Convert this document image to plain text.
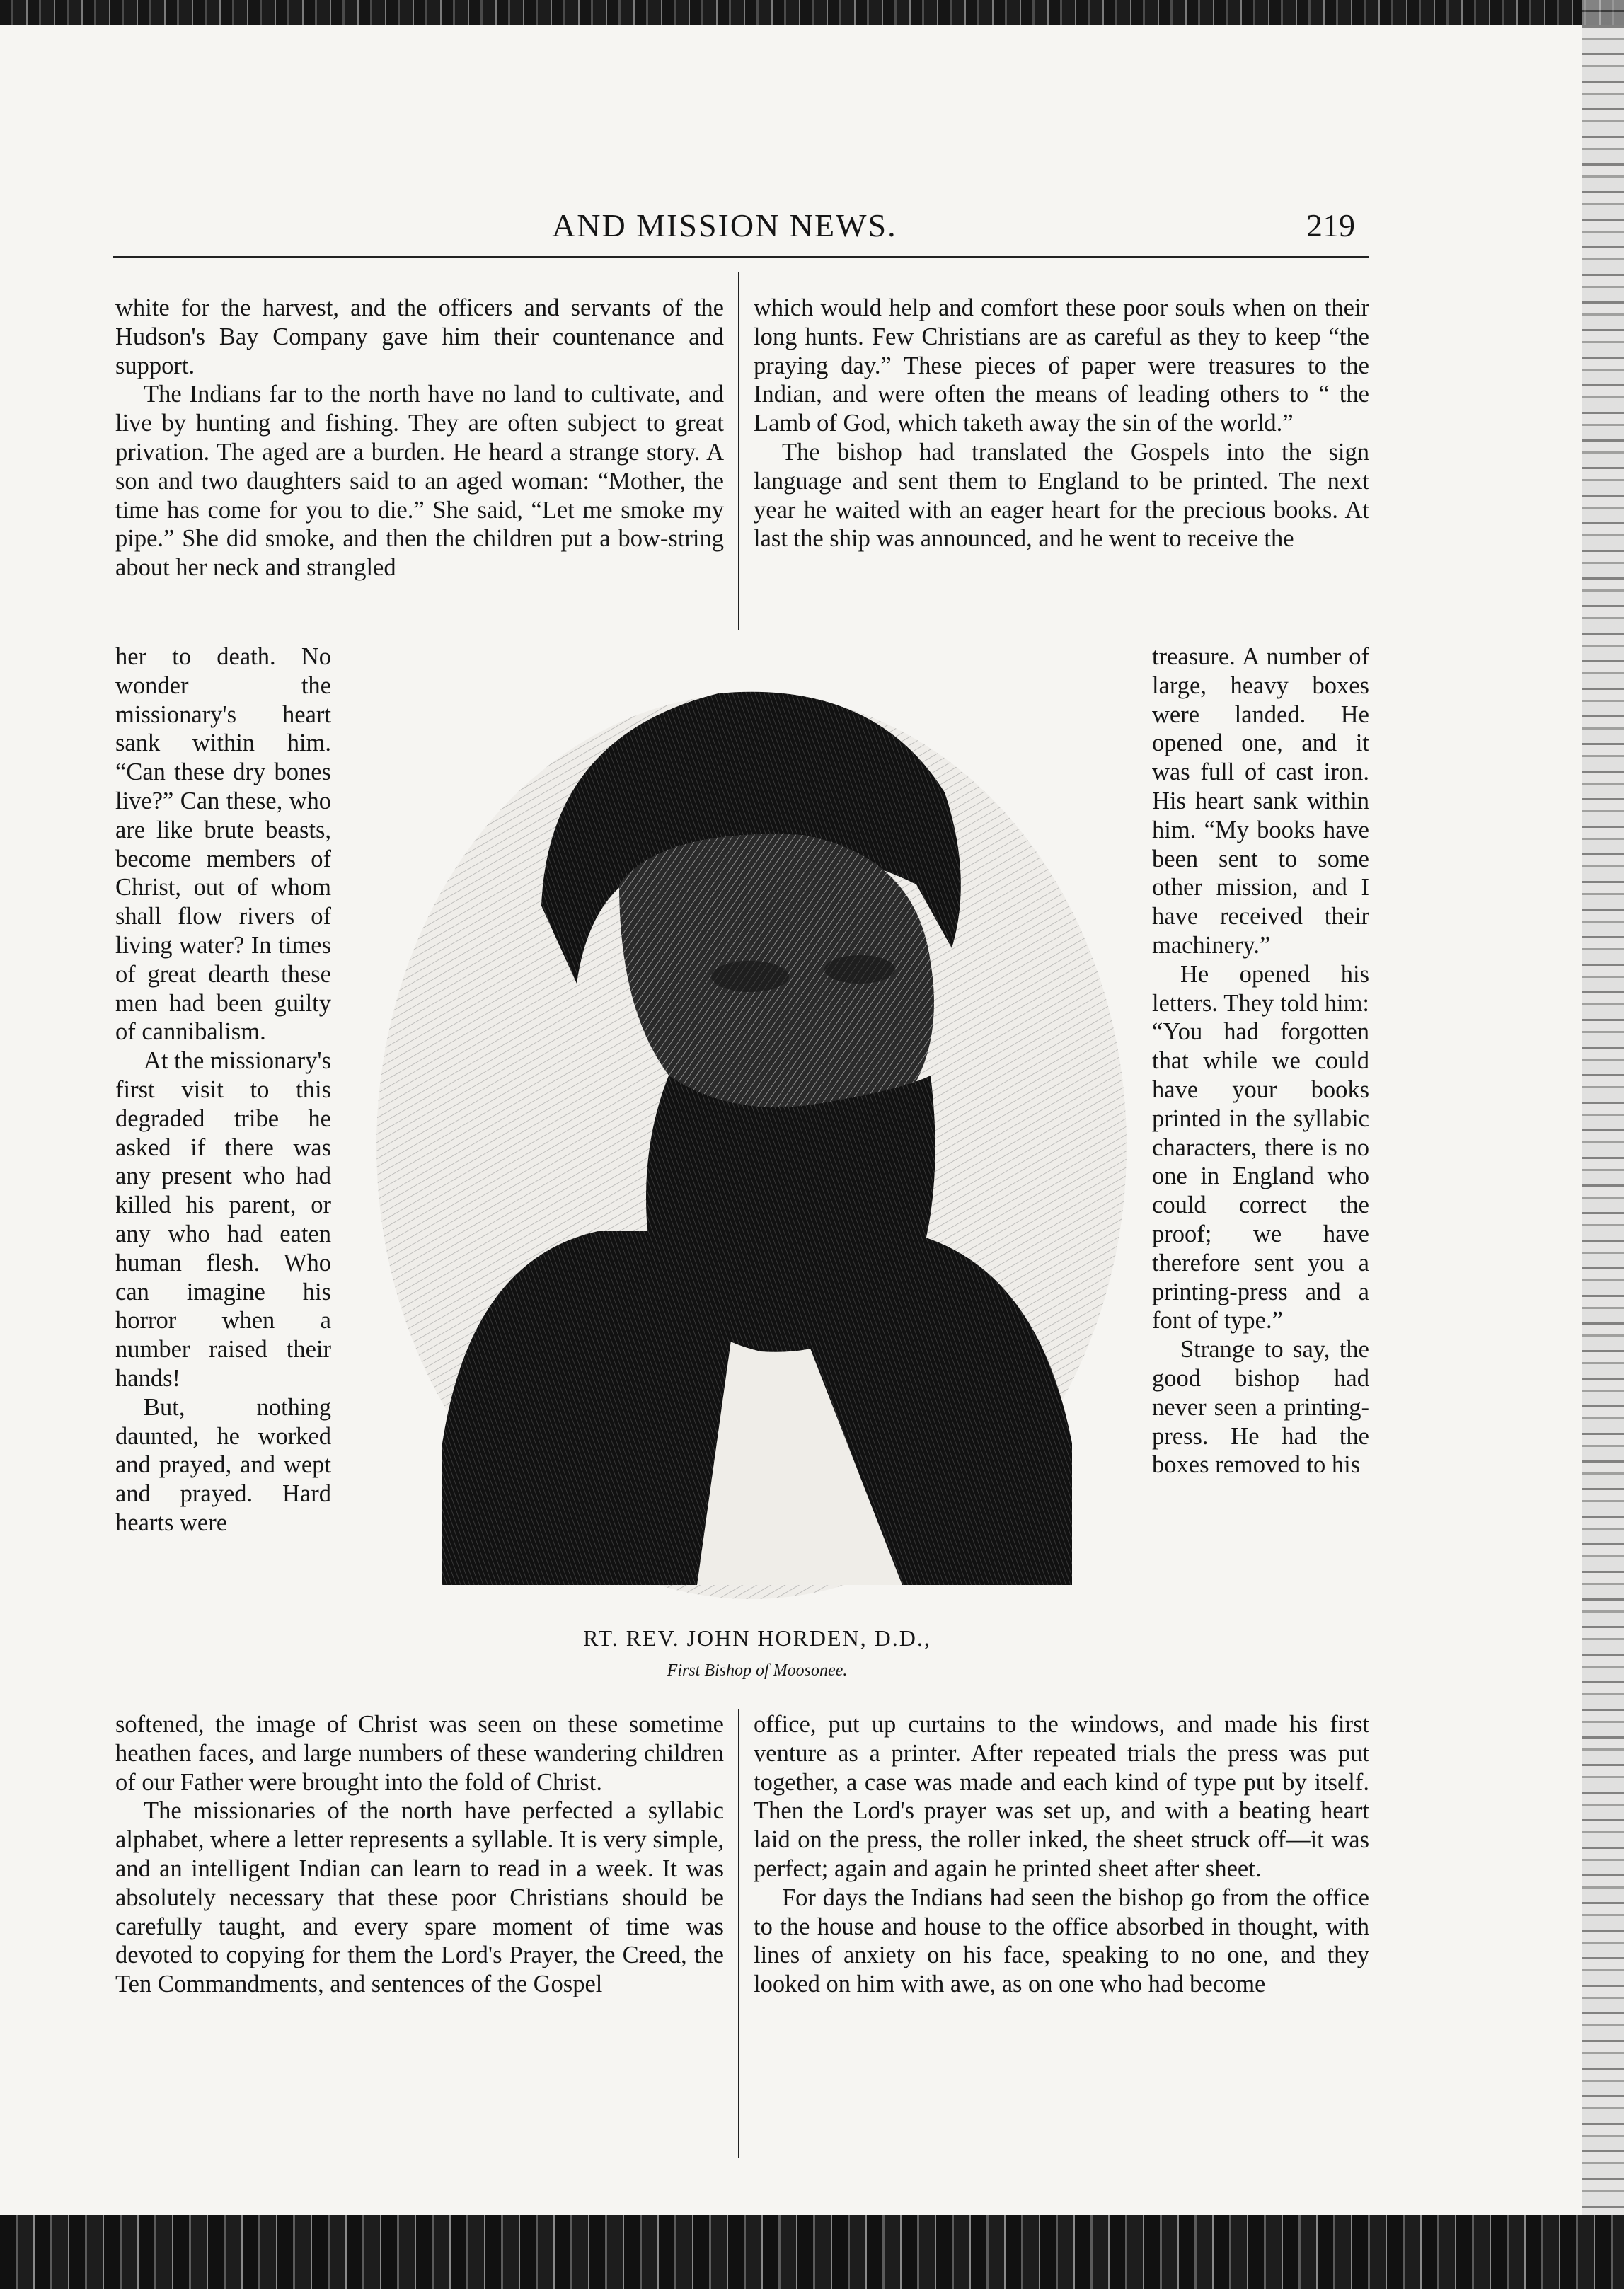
AND MISSION NEWS.	219

white for the harvest, and the officers and servants of the Hudson's Bay Company gave him their countenance and support.

The Indians far to the north have no land to cultivate, and live by hunting and fishing. They are often subject to great privation. The aged are a burden. He heard a strange story. A son and two daughters said to an aged woman: “Mother, the time has come for you to die.” She said, “Let me smoke my pipe.” She did smoke, and then the children put a bow-string about her neck and strangled

which would help and comfort these poor souls when on their long hunts. Few Christians are as careful as they to keep “the praying day.” These pieces of paper were treasures to the Indian, and were often the means of leading others to “ the Lamb of God, which taketh away the sin of the world.”

The bishop had translated the Gospels into the sign language and sent them to England to be printed. The next year he waited with an eager heart for the precious books. At last the ship was announced, and he went to receive the

her to death. No wonder the missionary's heart sank within him. “Can these dry bones live?” Can these, who are like brute beasts, become members of Christ, out of whom shall flow rivers of living water? In times of great dearth these men had been guilty of cannibalism.

At the missionary's first visit to this degraded tribe he asked if there was any present who had killed his parent, or any who had eaten human flesh. Who can imagine his horror when a number raised their hands!

But, nothing daunted, he worked and prayed, and wept and prayed. Hard hearts were

treasure. A number of large, heavy boxes were landed. He opened one, and it was full of cast iron. His heart sank within him. “My books have been sent to some other mission, and I have received their machinery.”

He opened his letters. They told him: “You had forgotten that while we could have your books printed in the syllabic characters, there is no one in England who could correct the proof; we have therefore sent you a printing-press and a font of type.”

Strange to say, the good bishop had never seen a printing-press. He had the boxes removed to his

RT. REV. JOHN HORDEN, D.D.,
First Bishop of Moosonee.

softened, the image of Christ was seen on these sometime heathen faces, and large numbers of these wandering children of our Father were brought into the fold of Christ.

The missionaries of the north have perfected a syllabic alphabet, where a letter represents a syllable. It is very simple, and an intelligent Indian can learn to read in a week. It was absolutely necessary that these poor Christians should be carefully taught, and every spare moment of time was devoted to copying for them the Lord's Prayer, the Creed, the Ten Commandments, and sentences of the Gospel

office, put up curtains to the windows, and made his first venture as a printer. After repeated trials the press was put together, a case was made and each kind of type put by itself. Then the Lord's prayer was set up, and with a beating heart laid on the press, the roller inked, the sheet struck off—it was perfect; again and again he printed sheet after sheet.

For days the Indians had seen the bishop go from the office to the house and house to the office absorbed in thought, with lines of anxiety on his face, speaking to no one, and they looked on him with awe, as on one who had become
